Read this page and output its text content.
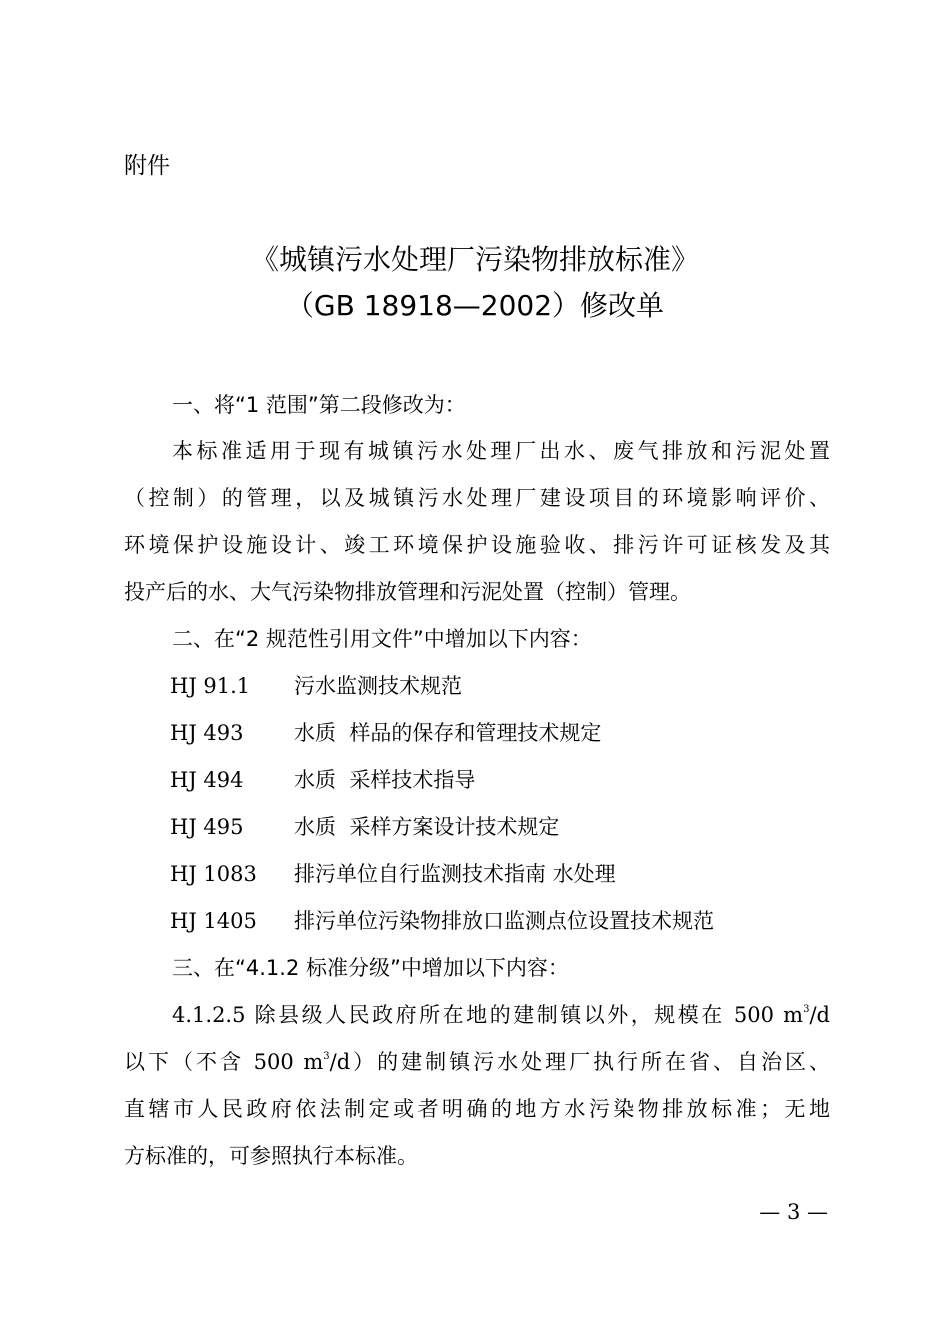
附件
《城镇污水处理厂污染物排放标准》
（GB 18918—2002）修改单
一、将“1 范围”第二段修改为：
本标准适用于现有城镇污水处理厂出水、废气排放和污泥处置
（控制）的管理，以及城镇污水处理厂建设项目的环境影响评价、
环境保护设施设计、竣工环境保护设施验收、排污许可证核发及其
投产后的水、大气污染物排放管理和污泥处置（控制）管理。
二、在“2 规范性引用文件”中增加以下内容：
HJ 91.1 污水监测技术规范
HJ 493 水质  样品的保存和管理技术规定
HJ 494 水质  采样技术指导
HJ 495 水质  采样方案设计技术规定
HJ 1083 排污单位自行监测技术指南 水处理
HJ 1405 排污单位污染物排放口监测点位设置技术规范
三、在“4.1.2 标准分级”中增加以下内容：
4.1.2.5 除县级人民政府所在地的建制镇以外，规模在 500 $m^3/d$
以下（不含 500 $m^3/d$）的建制镇污水处理厂执行所在省、自治区、
直辖市人民政府依法制定或者明确的地方水污染物排放标准；无地
方标准的，可参照执行本标准。
— 3 —
